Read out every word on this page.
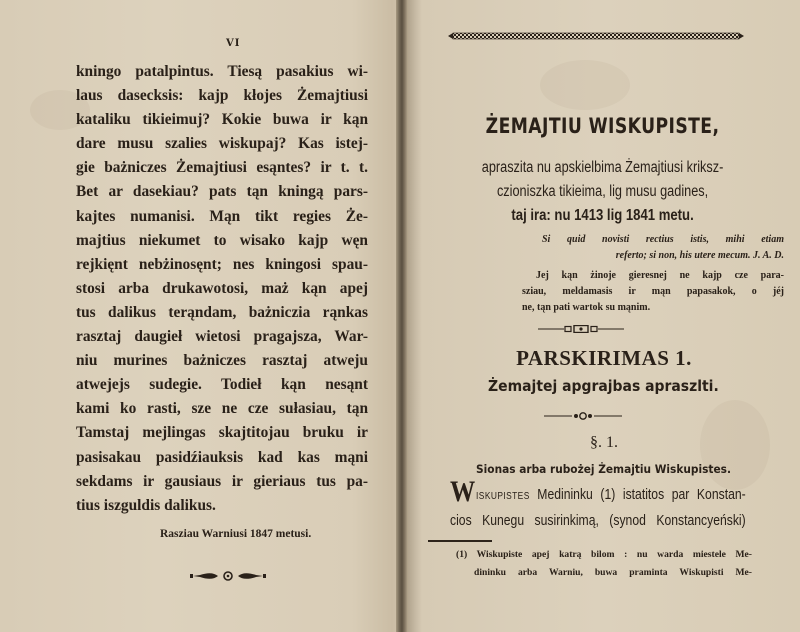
VI
kningo patalpintus. Tiesą pasakius wi-
laus dasecksis: kajp kłojes Żemajtiusi
kataliku tikieimuj? Kokie buwa ir kąn
dare musu szalies wiskupaj? Kas istej-
gie bażniczes Żemajtiusi esąntes? ir t. t.
Bet ar dasekiau? pats tąn kningą pars-
kajtes numanisi. Mąn tikt regies Że-
majtius niekumet to wisako kajp węn
rejkięnt nebżinosęnt; nes kningosi spau-
stosi arba drukawotosi, maż kąn apej
tus dalikus terąndam, bażniczia rąnkas
rasztaj daugieł wietosi pragajsza, War-
niu murines bażniczes rasztaj atweju
atwejejs sudegie. Todieł kąn nesąnt
kami ko rasti, sze ne cze sułasiau, tąn
Tamstaj mejlingas skajtitojau bruku ir
pasisakau pasidźiauksis kad kas mąni
sekdams ir gausiaus ir gieriaus tus pa-
tius iszguldis dalikus.
Rasziau Warniusi 1847 metusi.
ŻEMAJTIU WISKUPISTE,
apraszita nu apskielbima Żemajtiusi kriksz-
czioniszka tikieima, lig musu gadines,
taj ira: nu 1413 lig 1841 metu.
Si quid novisti rectius istis, mihi etiam
referto; si non, his utere mecum. J. A. D.
Jej kąn żinoje gieresnej ne kajp cze para-
sziau, meldamasis ir mąn papasakok, o jéj
ne, tąn pati wartok su mąnim.
PARSKIRIMAS 1.
Żemajtej apgrajbas apraszlti.
§. 1.
Sionas arba rubożej Żemajtiu Wiskupistes.
WISKUPISTES Medininku (1) istatitos par Konstan-
cios Kunegu susirinkimą, (synod Konstancyeński)
(1) Wiskupiste apej katrą bilom : nu warda miestele Me-
dininku arba Warniu, buwa praminta Wiskupisti Me-
